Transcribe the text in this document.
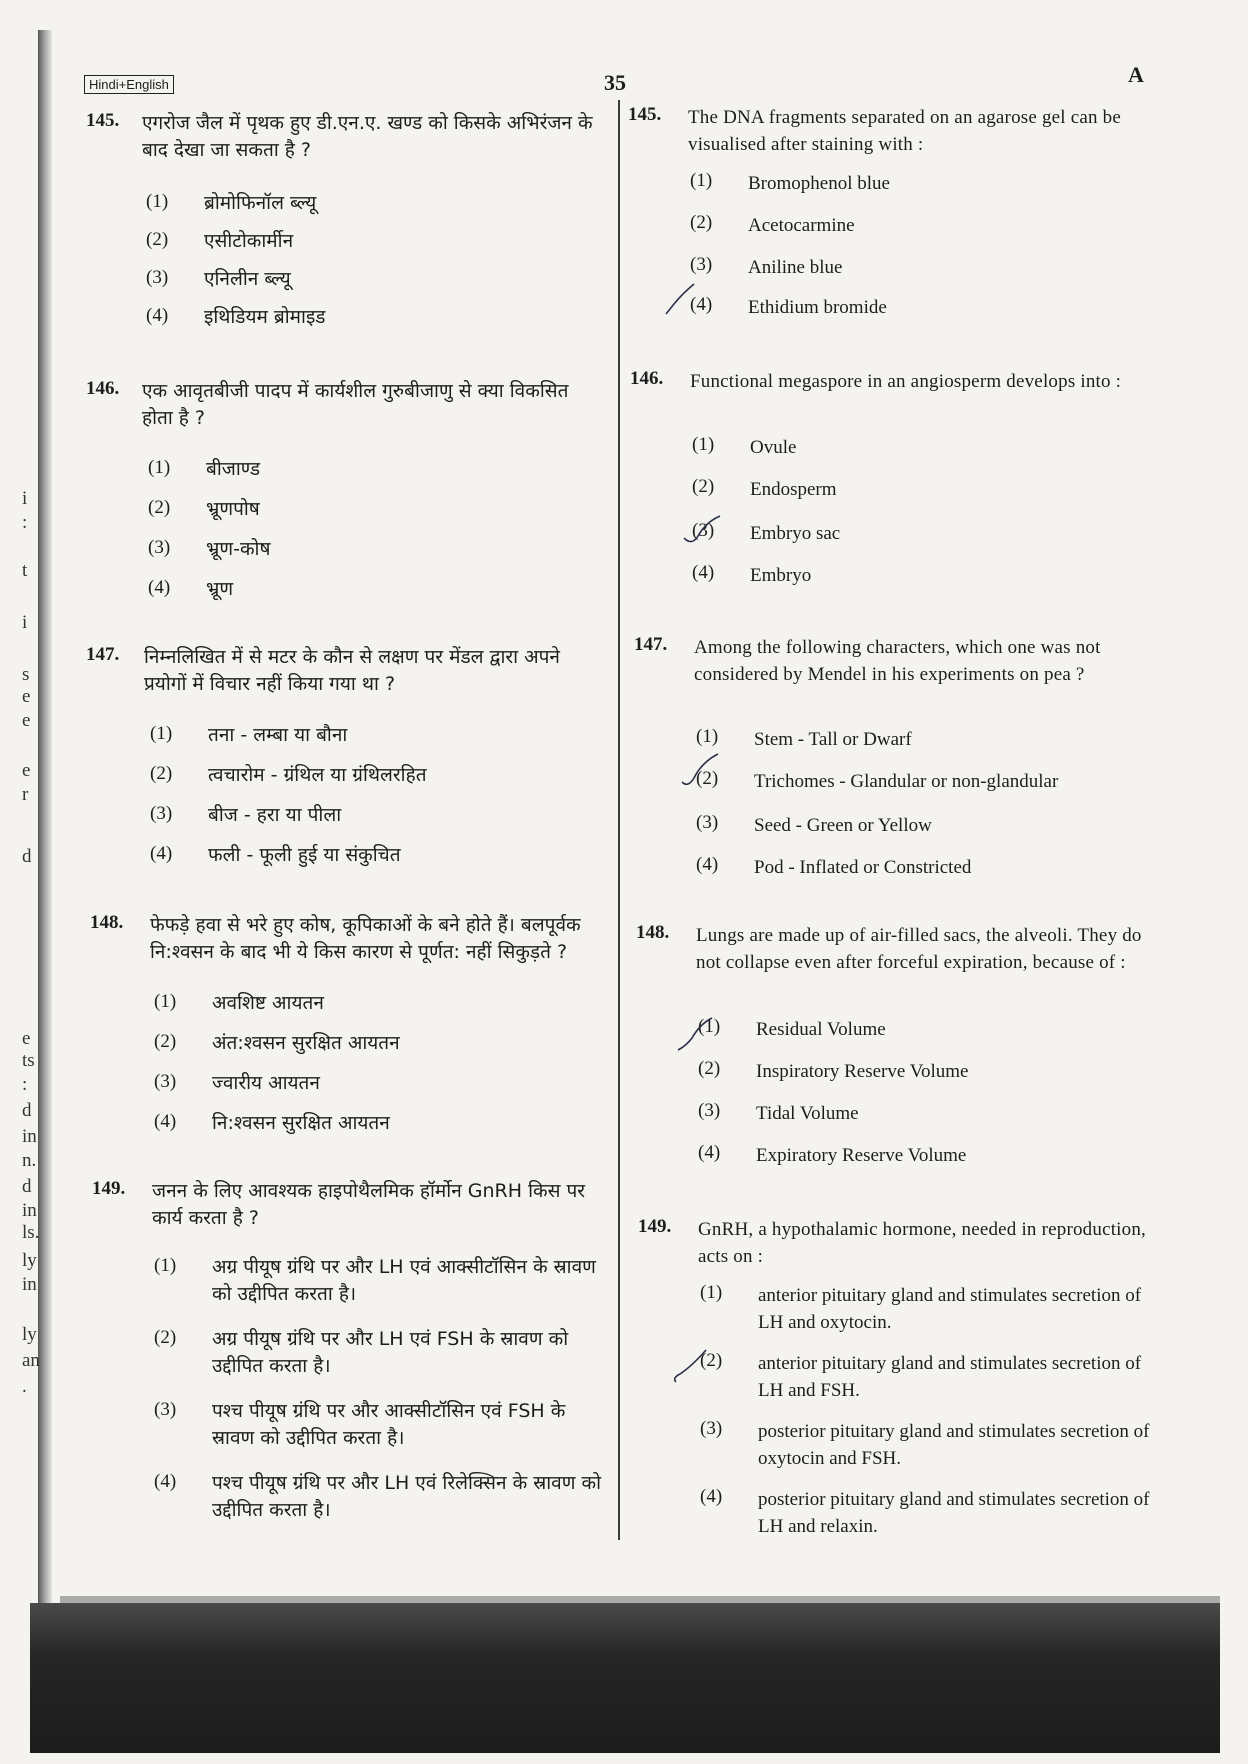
i
:
t
i
s
e
e
e
r
d
e
ts
:
d
in
n.
d
in
ls.
ly
in
ly
an
.
Hindi+English	35	A
145. एगरोज जैल में पृथक हुए डी.एन.ए. खण्ड को किसके अभिरंजन के बाद देखा जा सकता है ?
(1) ब्रोमोफिनॉल ब्ल्यू
(2) एसीटोकार्मीन
(3) एनिलीन ब्ल्यू
(4) इथिडियम ब्रोमाइड
146. एक आवृतबीजी पादप में कार्यशील गुरुबीजाणु से क्या विकसित होता है ?
(1) बीजाण्ड
(2) भ्रूणपोष
(3) भ्रूण-कोष
(4) भ्रूण
147. निम्नलिखित में से मटर के कौन से लक्षण पर मेंडल द्वारा अपने प्रयोगों में विचार नहीं किया गया था ?
(1) तना - लम्बा या बौना
(2) त्वचारोम - ग्रंथिल या ग्रंथिलरहित
(3) बीज - हरा या पीला
(4) फली - फूली हुई या संकुचित
148. फेफड़े हवा से भरे हुए कोष, कूपिकाओं के बने होते हैं। बलपूर्वक नि:श्वसन के बाद भी ये किस कारण से पूर्णत: नहीं सिकुड़ते ?
(1) अवशिष्ट आयतन
(2) अंत:श्वसन सुरक्षित आयतन
(3) ज्वारीय आयतन
(4) नि:श्वसन सुरक्षित आयतन
149. जनन के लिए आवश्यक हाइपोथैलमिक हॉर्मोन GnRH किस पर कार्य करता है ?
(1) अग्र पीयूष ग्रंथि पर और LH एवं आक्सीटॉसिन के स्रावण को उद्दीपित करता है।
(2) अग्र पीयूष ग्रंथि पर और LH एवं FSH के स्रावण को उद्दीपित करता है।
(3) पश्च पीयूष ग्रंथि पर और आक्सीटॉसिन एवं FSH के स्रावण को उद्दीपित करता है।
(4) पश्च पीयूष ग्रंथि पर और LH एवं रिलेक्सिन के स्रावण को उद्दीपित करता है।
145. The DNA fragments separated on an agarose gel can be visualised after staining with :
(1) Bromophenol blue
(2) Acetocarmine
(3) Aniline blue
(4) Ethidium bromide
146. Functional megaspore in an angiosperm develops into :
(1) Ovule
(2) Endosperm
(3) Embryo sac
(4) Embryo
147. Among the following characters, which one was not considered by Mendel in his experiments on pea ?
(1) Stem - Tall or Dwarf
(2) Trichomes - Glandular or non-glandular
(3) Seed - Green or Yellow
(4) Pod - Inflated or Constricted
148. Lungs are made up of air-filled sacs, the alveoli. They do not collapse even after forceful expiration, because of :
(1) Residual Volume
(2) Inspiratory Reserve Volume
(3) Tidal Volume
(4) Expiratory Reserve Volume
149. GnRH, a hypothalamic hormone, needed in reproduction, acts on :
(1) anterior pituitary gland and stimulates secretion of LH and oxytocin.
(2) anterior pituitary gland and stimulates secretion of LH and FSH.
(3) posterior pituitary gland and stimulates secretion of oxytocin and FSH.
(4) posterior pituitary gland and stimulates secretion of LH and relaxin.
